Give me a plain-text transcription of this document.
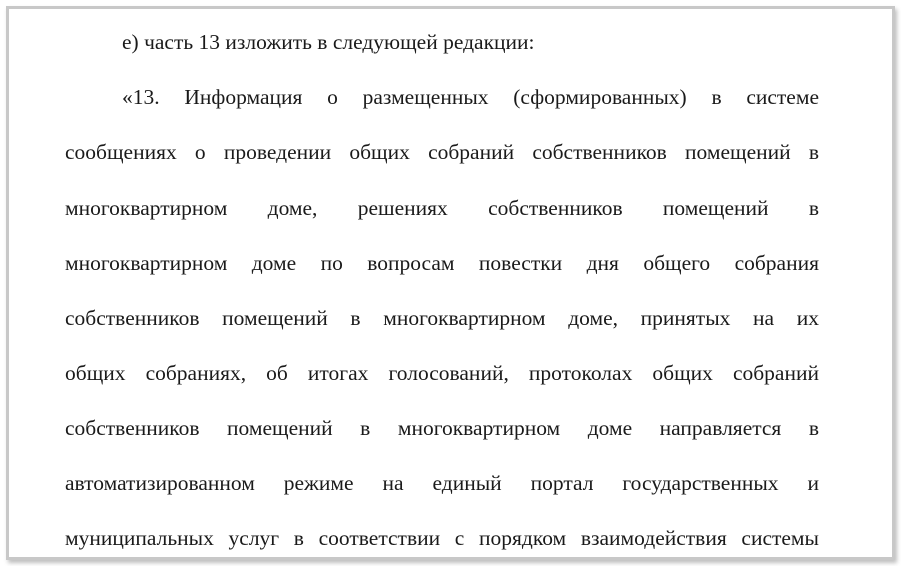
е) часть 13 изложить в следующей редакции:
«13. Информация о размещенных (сформированных) в системе
сообщениях о проведении общих собраний собственников помещений в
многоквартирном доме, решениях собственников помещений в
многоквартирном доме по вопросам повестки дня общего собрания
собственников помещений в многоквартирном доме, принятых на их
общих собраниях, об итогах голосований, протоколах общих собраний
собственников помещений в многоквартирном доме направляется в
автоматизированном режиме на единый портал государственных и
муниципальных услуг в соответствии с порядком взаимодействия системы
